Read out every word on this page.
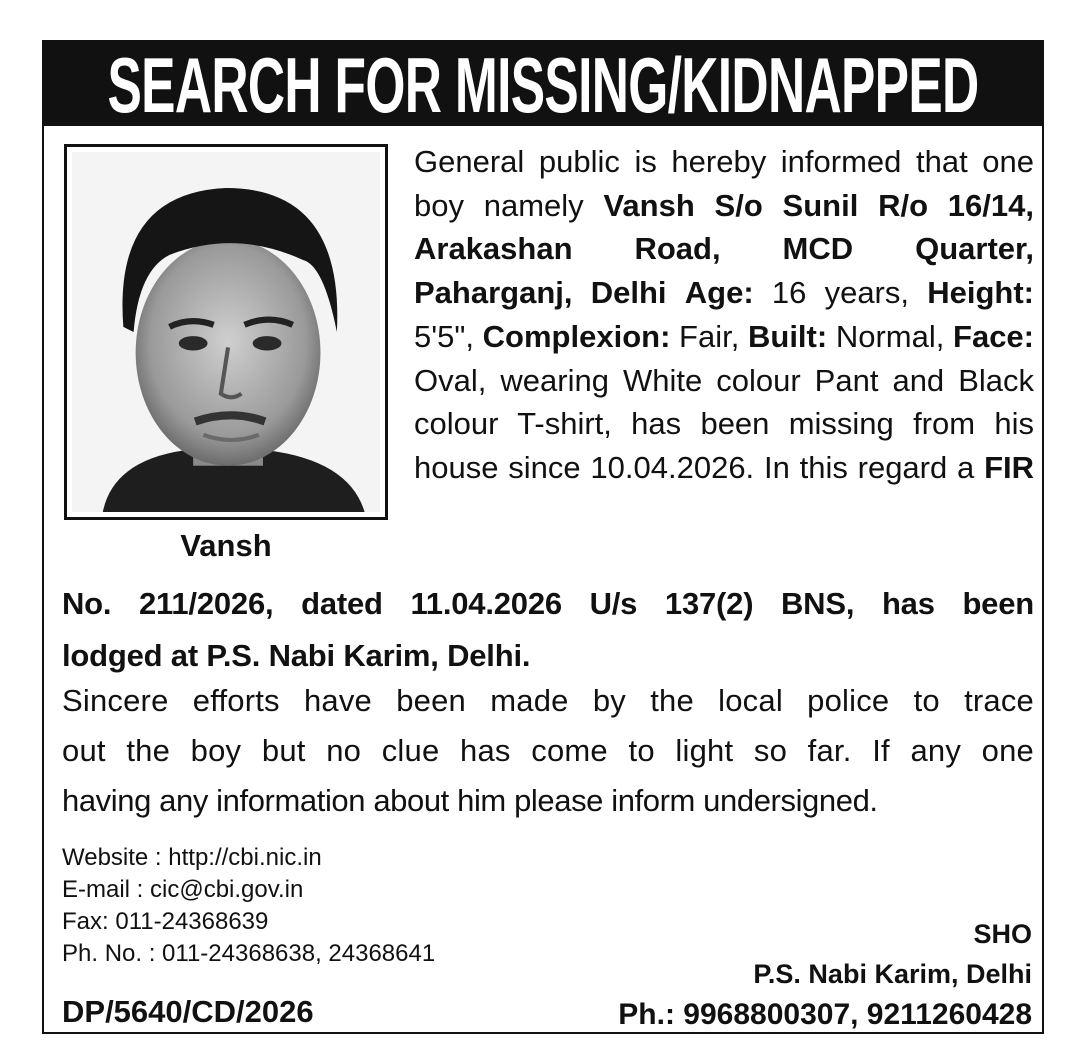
SEARCH FOR MISSING/KIDNAPPED
Vansh
General public is hereby informed that one boy namely Vansh S/o Sunil R/o 16/14, Arakashan Road, MCD Quarter, Paharganj, Delhi Age: 16 years, Height: 5'5", Complexion: Fair, Built: Normal, Face: Oval, wearing White colour Pant and Black colour T-shirt, has been missing from his house since 10.04.2026. In this regard a FIR
No. 211/2026, dated 11.04.2026 U/s 137(2) BNS, has been
lodged at P.S. Nabi Karim, Delhi.
Sincere efforts have been made by the local police to trace
out the boy but no clue has come to light so far. If any one
having any information about him please inform undersigned.
Website : http://cbi.nic.in
E-mail : cic@cbi.gov.in
Fax: 011-24368639
Ph. No. : 011-24368638, 24368641
DP/5640/CD/2026
SHO
P.S. Nabi Karim, Delhi
Ph.: 9968800307, 9211260428
